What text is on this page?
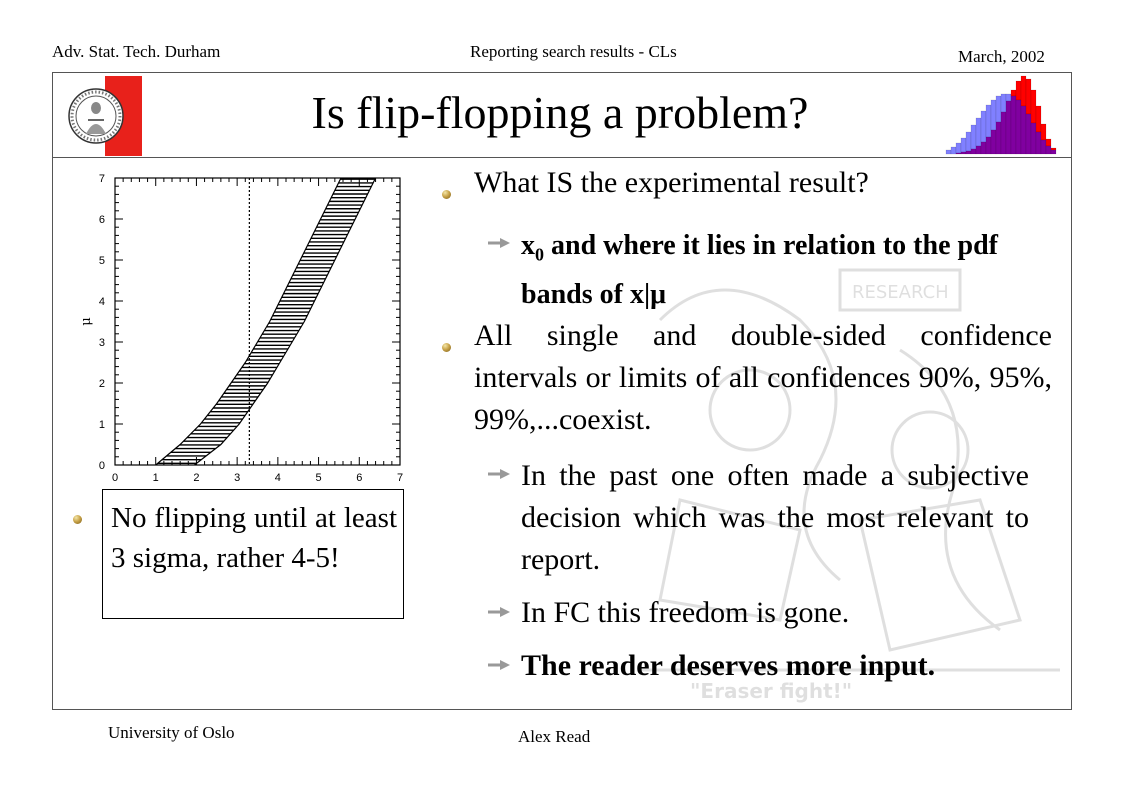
Adv. Stat. Tech. Durham	Reporting search results - CLs	March, 2002
Is flip-flopping a problem?
RESEARCH
"Eraser fight!"
0	1	2	3	4	5	6	7
0
1
2
3
4
5
6
7
μ
No flipping until at least 3 sigma, rather 4-5!
What IS the experimental result?
$x_0$ and where it lies in relation to the pdf bands of x|μ
All single and double-sided confidence intervals or limits of all confidences 90%, 95%, 99%,...coexist.
In the past one often made a subjective decision which was the most relevant to report.
In FC this freedom is gone.
The reader deserves more input.
University of Oslo	Alex Read
